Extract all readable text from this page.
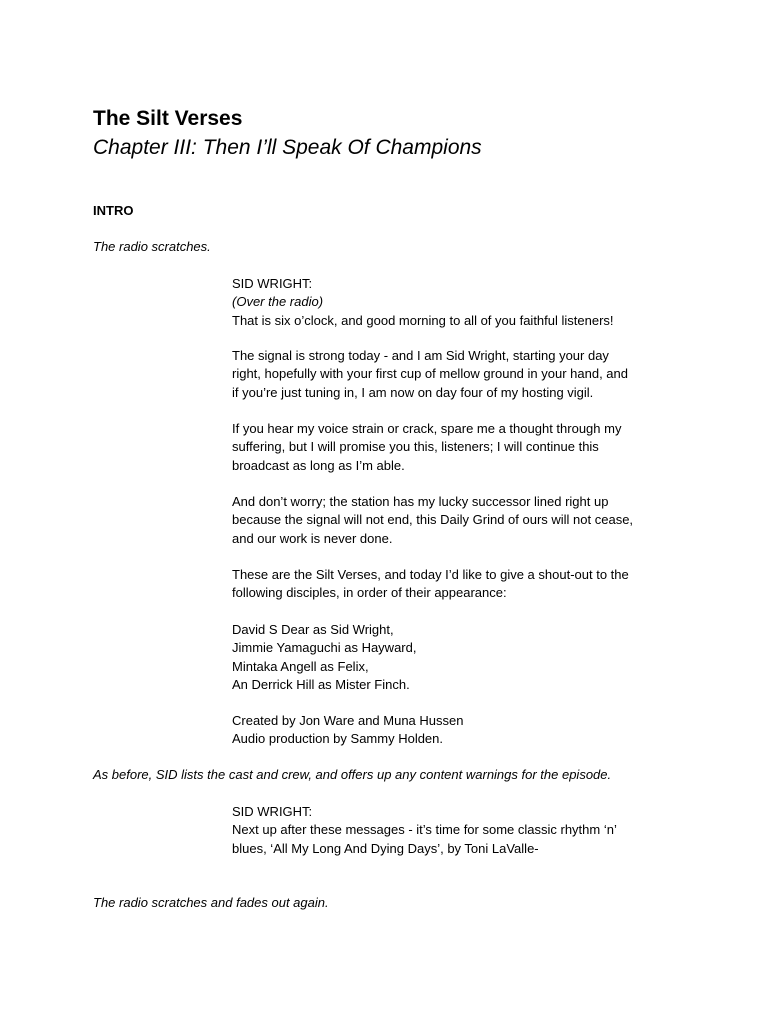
The Silt Verses
Chapter III: Then I’ll Speak Of Champions

INTRO

The radio scratches.

SID WRIGHT:
(Over the radio)
That is six o’clock, and good morning to all of you faithful listeners!
The signal is strong today - and I am Sid Wright, starting your day
right, hopefully with your first cup of mellow ground in your hand, and
if you’re just tuning in, I am now on day four of my hosting vigil.
If you hear my voice strain or crack, spare me a thought through my
suffering, but I will promise you this, listeners; I will continue this
broadcast as long as I’m able.
And don’t worry; the station has my lucky successor lined right up
because the signal will not end, this Daily Grind of ours will not cease,
and our work is never done.
These are the Silt Verses, and today I’d like to give a shout-out to the
following disciples, in order of their appearance:
David S Dear as Sid Wright,
Jimmie Yamaguchi as Hayward,
Mintaka Angell as Felix,
An Derrick Hill as Mister Finch.
Created by Jon Ware and Muna Hussen
Audio production by Sammy Holden.

As before, SID lists the cast and crew, and offers up any content warnings for the episode.

SID WRIGHT:
Next up after these messages - it’s time for some classic rhythm ‘n’
blues, ‘All My Long And Dying Days’, by Toni LaValle-

The radio scratches and fades out again.
